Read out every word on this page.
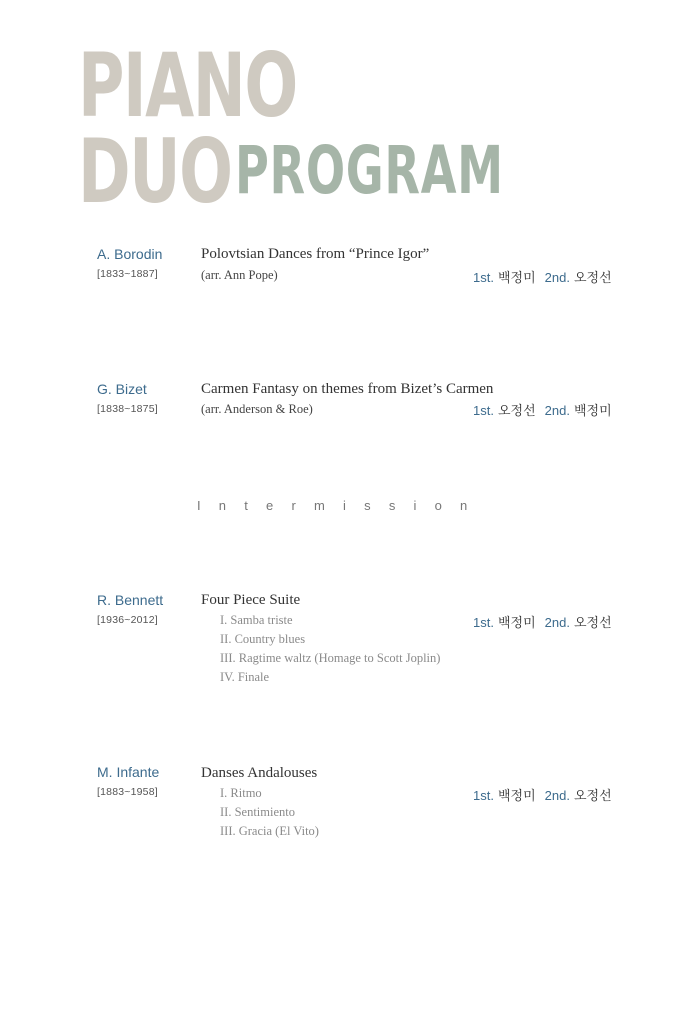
PIANO
DUO PROGRAM
A. Borodin
[1833~1887]
Polovtsian Dances from “Prince Igor”
(arr. Ann Pope)	1st. 백정미 2nd. 오정선
G. Bizet
[1838~1875]
Carmen Fantasy on themes from Bizet’s Carmen
(arr. Anderson & Roe)	1st. 오정선 2nd. 백정미
Intermission
R. Bennett
[1936~2012]
Four Piece Suite
I. Samba triste
II. Country blues
III. Ragtime waltz (Homage to Scott Joplin)
IV. Finale
1st. 백정미 2nd. 오정선
M. Infante
[1883~1958]
Danses Andalouses
I. Ritmo
II. Sentimiento
III. Gracia (El Vito)
1st. 백정미 2nd. 오정선
